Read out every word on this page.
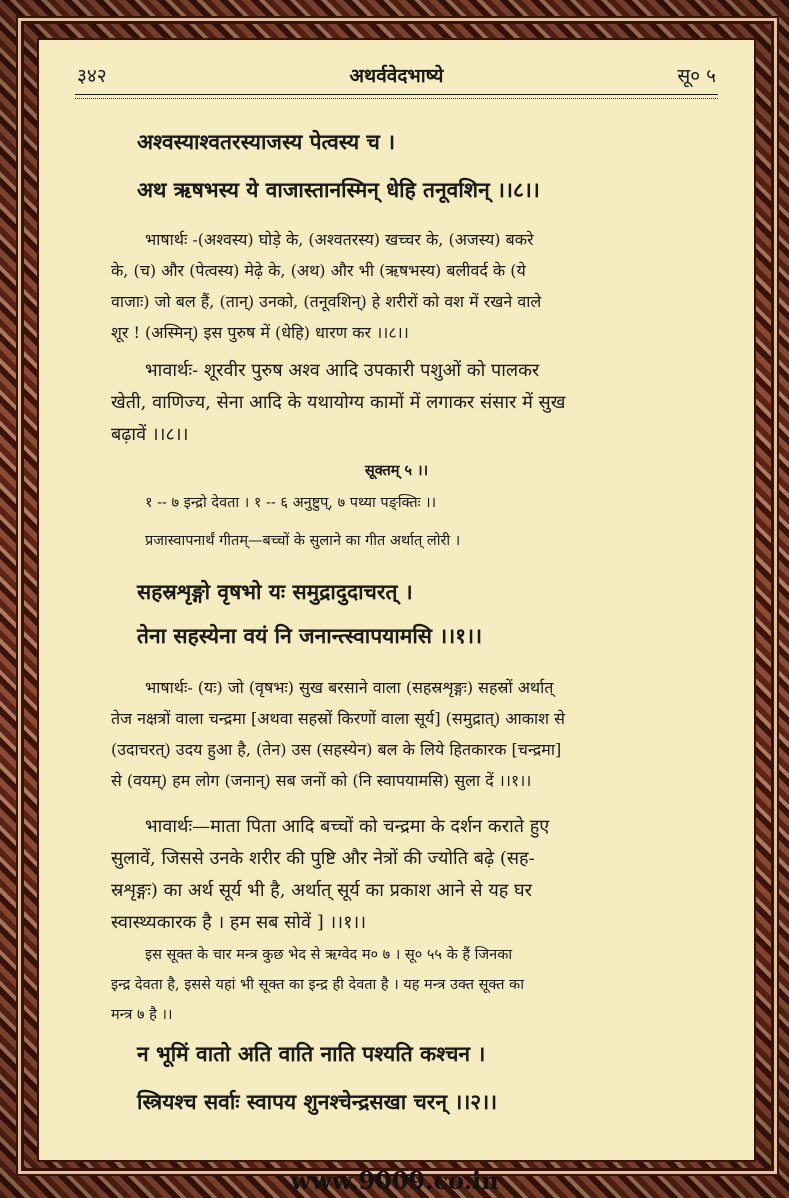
३४२	अथर्ववेदभाष्ये	सू० ५
अश्वस्याश्वतरस्याजस्य पेत्वस्य च ।
अथ ऋषभस्य ये वाजास्तानस्मिन् धेहि तनूवशिन् ।।८।।
भाषार्थः -(अश्वस्य) घोड़े के, (अश्वतरस्य) खच्चर के, (अजस्य) बकरे
के, (च) और (पेत्वस्य) मेढ़े के, (अथ) और भी (ऋषभस्य) बलीवर्द के (ये
वाजाः) जो बल हैं, (तान्) उनको, (तनूवशिन्) हे शरीरों को वश में रखने वाले
शूर ! (अस्मिन्) इस पुरुष में (धेहि) धारण कर ।।८।।
भावार्थः- शूरवीर पुरुष अश्व आदि उपकारी पशुओं को पालकर
खेती, वाणिज्य, सेना आदि के यथायोग्य कामों में लगाकर संसार में सुख
बढ़ावें ।।८।।
सूक्तम् ५ ।।
१ -- ७ इन्द्रो देवता । १ -- ६ अनुष्टुप्, ७ पथ्या पङ्क्तिः ।।
प्रजास्वापनार्थं गीतम्—बच्चों के सुलाने का गीत अर्थात् लोरी ।
सहस्रशृङ्गो वृषभो यः समुद्रादुदाचरत् ।
तेना सहस्येना वयं नि जनान्त्स्वापयामसि ।।१।।
भाषार्थः- (यः) जो (वृषभः) सुख बरसाने वाला (सहस्रशृङ्गः) सहस्रों अर्थात्
तेज नक्षत्रों वाला चन्द्रमा [अथवा सहस्रों किरणों वाला सूर्य] (समुद्रात्) आकाश से
(उदाचरत्) उदय हुआ है, (तेन) उस (सहस्येन) बल के लिये हितकारक [चन्द्रमा]
से (वयम्) हम लोग (जनान्) सब जनों को (नि स्वापयामसि) सुला दें ।।१।।
भावार्थः—माता पिता आदि बच्चों को चन्द्रमा के दर्शन कराते हुए
सुलावें, जिससे उनके शरीर की पुष्टि और नेत्रों की ज्योति बढ़े (सह-
स्रशृङ्गः) का अर्थ सूर्य भी है, अर्थात् सूर्य का प्रकाश आने से यह घर
स्वास्थ्यकारक है । हम सब सोवें ] ।।१।।
इस सूक्त के चार मन्त्र कुछ भेद से ऋग्वेद म० ७ । सू० ५५ के हैं जिनका
इन्द्र देवता है, इससे यहां भी सूक्त का इन्द्र ही देवता है । यह मन्त्र उक्त सूक्त का
मन्त्र ७ है ।।
न भूमिं वातो अति वाति नाति पश्यति कश्चन ।
स्त्रियश्च सर्वाः स्वापय शुनश्चेन्द्रसखा चरन् ।।२।।
www.9009.co.in
